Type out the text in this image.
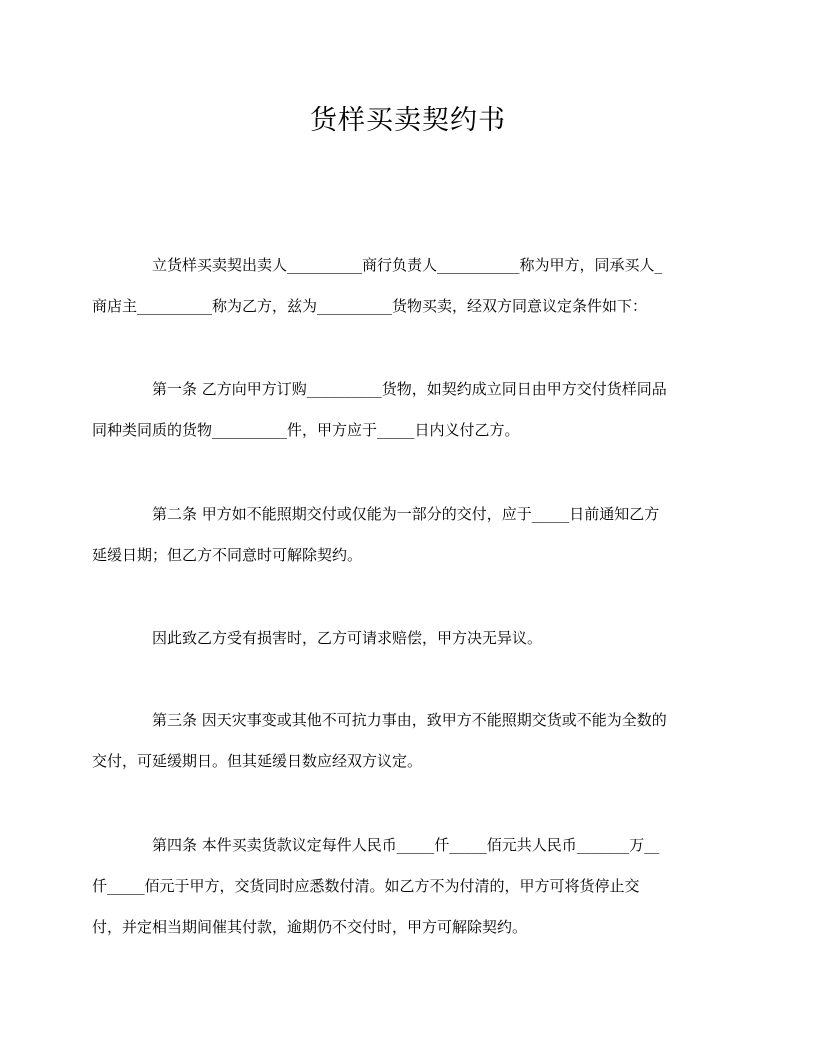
货样买卖契约书
立货样买卖契出卖人__________商行负责人___________称为甲方，同承买人_
商店主__________称为乙方，兹为__________货物买卖，经双方同意议定条件如下：
第一条 乙方向甲方订购__________货物，如契约成立同日由甲方交付货样同品
同种类同质的货物__________件，甲方应于_____日内义付乙方。
第二条 甲方如不能照期交付或仅能为一部分的交付，应于_____日前通知乙方
延缓日期；但乙方不同意时可解除契约。
因此致乙方受有损害时，乙方可请求赔偿，甲方决无异议。
第三条 因天灾事变或其他不可抗力事由，致甲方不能照期交货或不能为全数的
交付，可延缓期日。但其延缓日数应经双方议定。
第四条 本件买卖货款议定每件人民币_____仟_____佰元共人民币_______万__
仟_____佰元于甲方，交货同时应悉数付清。如乙方不为付清的，甲方可将货停止交
付，并定相当期间催其付款，逾期仍不交付时，甲方可解除契约。
